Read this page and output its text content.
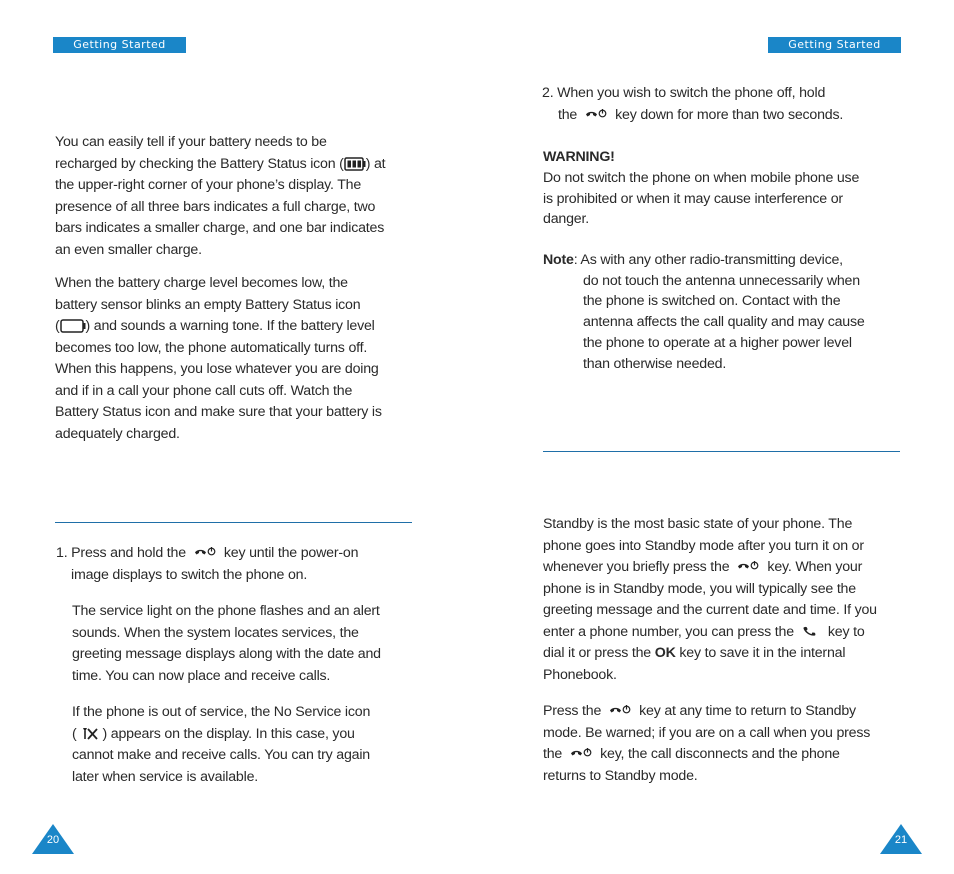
Getting Started
You can easily tell if your battery needs to be
recharged by checking the Battery Status icon ( ) at
the upper-right corner of your phone’s display. The
presence of all three bars indicates a full charge, two
bars indicates a smaller charge, and one bar indicates
an even smaller charge.
When the battery charge level becomes low, the
battery sensor blinks an empty Battery Status icon
( ) and sounds a warning tone. If the battery level
becomes too low, the phone automatically turns off.
When this happens, you lose whatever you are doing
and if in a call your phone call cuts off. Watch the
Battery Status icon and make sure that your battery is
adequately charged.
1. Press and hold the	key until the power-on
image displays to switch the phone on.
The service light on the phone flashes and an alert
sounds. When the system locates services, the
greeting message displays along with the date and
time. You can now place and receive calls.
If the phone is out of service, the No Service icon
( ) appears on the display. In this case, you
cannot make and receive calls. You can try again
later when service is available.
20
Getting Started
2. When you wish to switch the phone off, hold
the	key down for more than two seconds.
WARNING!
Do not switch the phone on when mobile phone use
is prohibited or when it may cause interference or
danger.
Note: As with any other radio-transmitting device,
do not touch the antenna unnecessarily when
the phone is switched on. Contact with the
antenna affects the call quality and may cause
the phone to operate at a higher power level
than otherwise needed.
Standby is the most basic state of your phone. The
phone goes into Standby mode after you turn it on or
whenever you briefly press the	key. When your
phone is in Standby mode, you will typically see the
greeting message and the current date and time. If you
enter a phone number, you can press the key to
dial it or press the OK key to save it in the internal
Phonebook.
Press the	key at any time to return to Standby
mode. Be warned; if you are on a call when you press
the	key, the call disconnects and the phone
returns to Standby mode.
21
